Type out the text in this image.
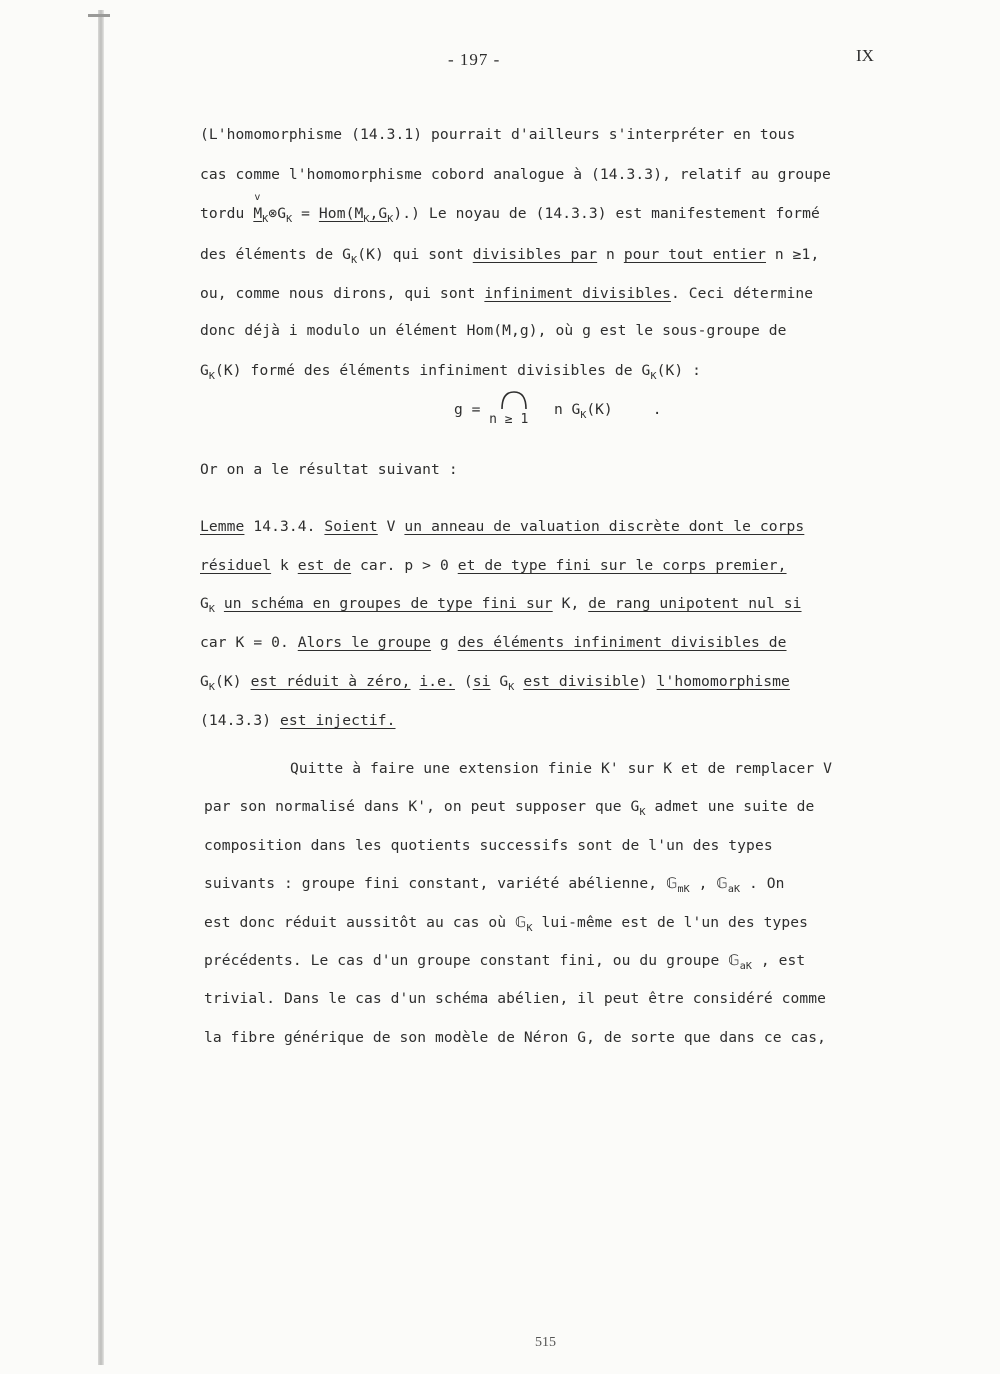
- 197 -	IX
(L'homomorphisme (14.3.1) pourrait d'ailleurs s'interpréter en tous
cas comme l'homomorphisme cobord analogue à (14.3.3), relatif au groupe
tordu
v
$M_K\otimes G_K = Hom(M_K,G_K)$.) Le noyau de (14.3.3) est manifestement formé
des éléments de $G_K(K)$ qui sont divisibles par n pour tout entier n ≥1,
ou, comme nous dirons, qui sont infiniment divisibles. Ceci détermine
donc déjà i modulo un élément Hom(M,g), où g est le sous-groupe de
$G_K(K)$ formé des éléments infiniment divisibles de $G_K(K)$ :
g =
n ≥ 1
n $G_K(K)$	.
Or on a le résultat suivant :
Lemme 14.3.4. Soient V un anneau de valuation discrète dont le corps
résiduel k est de car. p > 0 et de type fini sur le corps premier,
$G_K$ un schéma en groupes de type fini sur K, de rang unipotent nul si
car K = 0. Alors le groupe g des éléments infiniment divisibles de
$G_K(K)$ est réduit à zéro, i.e. (si $G_K$ est divisible) l'homomorphisme
(14.3.3) est injectif.
Quitte à faire une extension finie K' sur K et de remplacer V
par son normalisé dans K', on peut supposer que $G_K$ admet une suite de
composition dans les quotients successifs sont de l'un des types
suivants : groupe fini constant, variété abélienne, 𝔾$_{mK}$ , 𝔾$_{aK}$ . On
est donc réduit aussitôt au cas où 𝔾$_K$ lui-même est de l'un des types
précédents. Le cas d'un groupe constant fini, ou du groupe 𝔾$_{aK}$ , est
trivial. Dans le cas d'un schéma abélien, il peut être considéré comme
la fibre générique de son modèle de Néron G, de sorte que dans ce cas,
515
